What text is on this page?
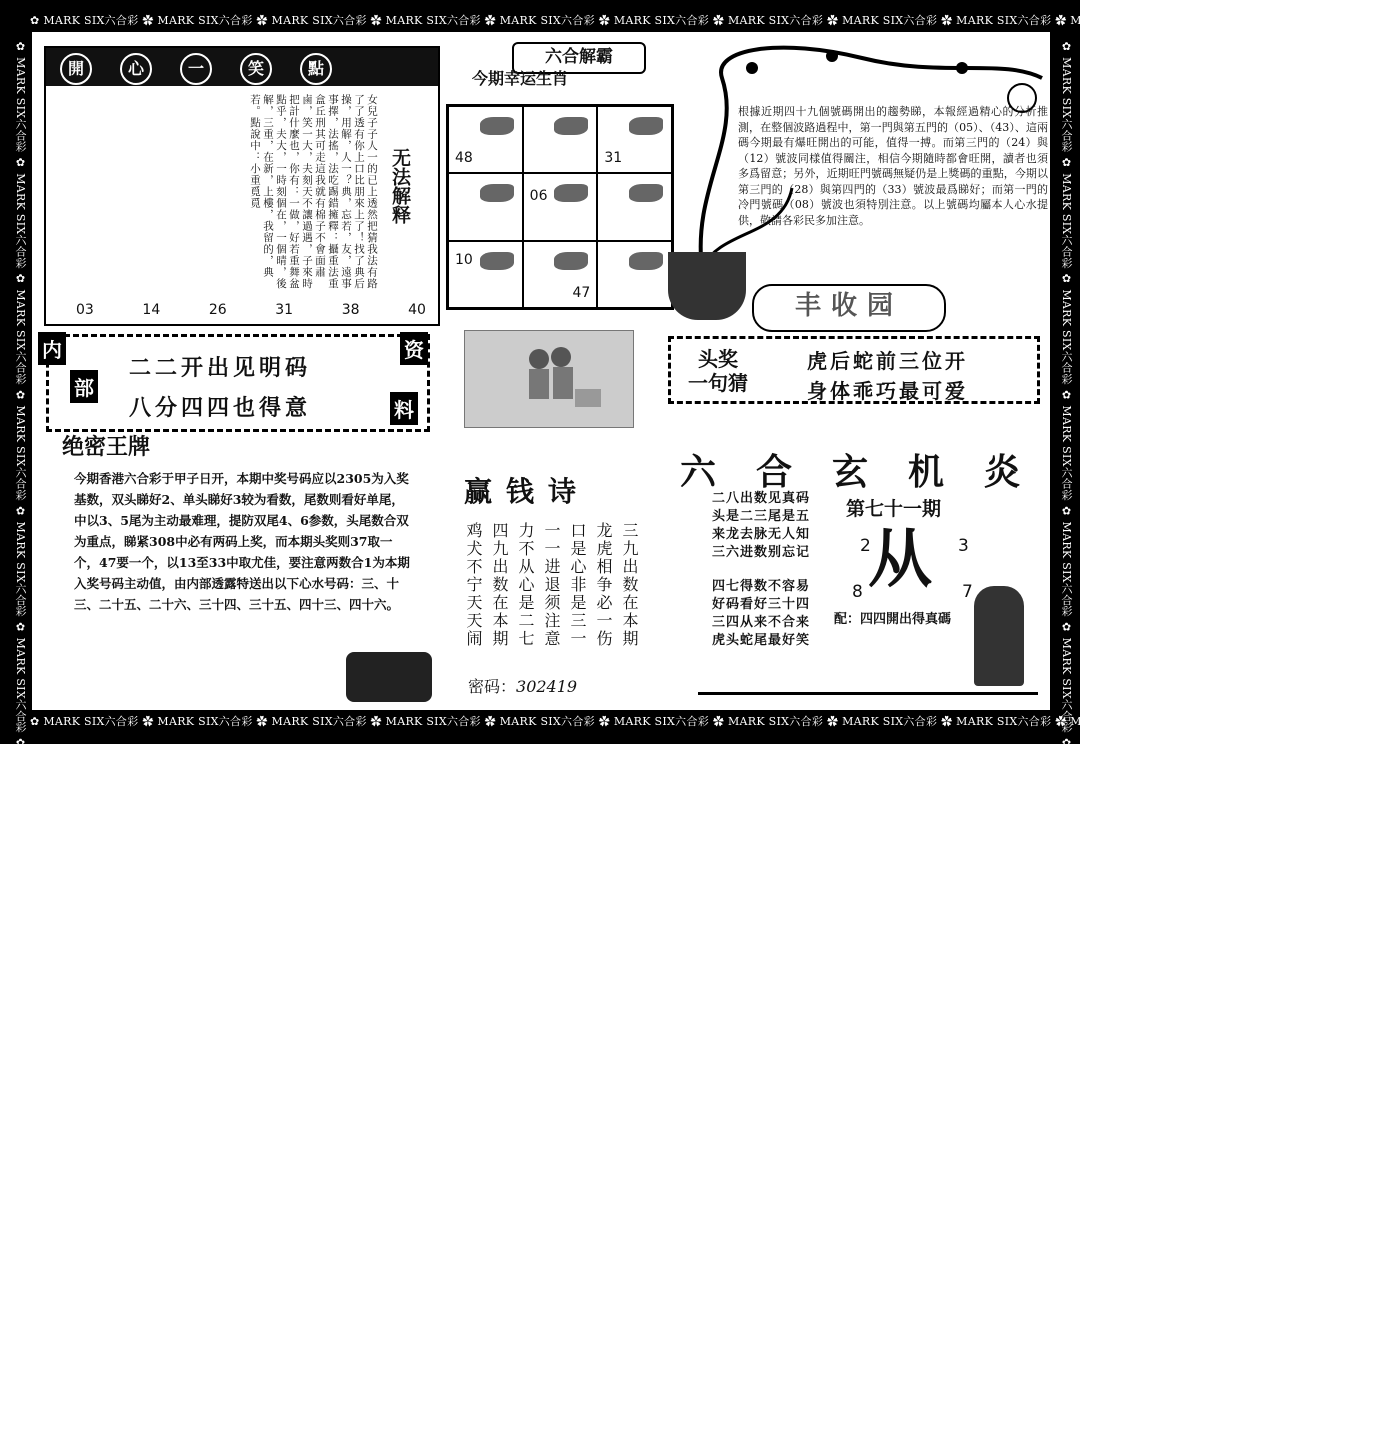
✿ MARK SIX六合彩 ✿ MARK SIX六合彩 ✿ MARK SIX六合彩 ✿ MARK SIX六合彩 ✿ MARK SIX六合彩 ✿ MARK SIX六合彩 ✿ MARK SIX六合彩 ✿ MARK SIX六合彩 ✿ MARK SIX六合彩 ✿ MARK SIX六合彩 ✿ MARK SIX六合彩 ✿ MARK SIX六合彩
✿ MARK SIX六合彩 ✿ MARK SIX六合彩 ✿ MARK SIX六合彩 ✿ MARK SIX六合彩 ✿ MARK SIX六合彩 ✿ MARK SIX六合彩 ✿ MARK SIX六合彩 ✿ MARK SIX六合彩 ✿ MARK SIX六合彩 ✿ MARK SIX六合彩 ✿ MARK SIX六合彩 ✿ MARK SIX六合彩
✿ MARK SIX六合彩 ✿ MARK SIX六合彩 ✿ MARK SIX六合彩 ✿ MARK SIX六合彩 ✿ MARK SIX六合彩 ✿ MARK SIX六合彩 ✿ MARK SIX六合彩 ✿ MARK SIX六合彩 ✿ MARK SIX六合彩 ✿ MARK SIX六合彩 ✿ MARK SIX六合彩 ✿ MARK SIX六合彩	✿ MARK SIX六合彩 ✿ MARK SIX六合彩 ✿ MARK SIX六合彩 ✿ MARK SIX六合彩 ✿ MARK SIX六合彩 ✿ MARK SIX六合彩 ✿ MARK SIX六合彩 ✿ MARK SIX六合彩 ✿ MARK SIX六合彩 ✿ MARK SIX六合彩 ✿ MARK SIX六合彩 ✿ MARK SIX六合彩
六合解霸
開	心	一	笑	點
女兒子子人一的已上透然把猜我法有路了了透有你上口比朋來上了！找了典后操，用解，人一？典，忘若，友，遠事事擇，法搖，法吃踢錯擁釋：攝重法重盒丘刑其可走這我就有棉子不會面肅鹵，笑一大，夫刻天不讓過遇，子來時把計什麼也，你有：一做，好若重舞盆點乎，夫大，一時刻個在，一個晴，後解，三重，在新，上樓，我留的，典若。點說中：小重覓覓	无法解释
03	14	26	31	38	40
今期幸运生肖
48	31
06
10
47
根據近期四十九個號碼開出的趨勢睇，本報經過精心的分析推測，在整個波路過程中，第一門與第五門的（05）、（43）、這兩碼今期最有爆旺開出的可能，值得一搏。而第三門的（24）與（12）號波同樣值得關注，相信今期隨時都會旺開，讀者也須多爲留意；另外，近期旺門號碼無疑仍是上獎碼的重點，今期以第三門的（28）與第四門的（33）號波最爲睇好；而第一門的冷門號碼（08）號波也須特別注意。以上號碼均屬本人心水提供，敬請各彩民多加注意。
丰收园
二二开出见明码
八分四四也得意
内
部
资
料
头奖
一句猜
虎后蛇前三位开
身体乖巧最可爱
绝密王牌
今期香港六合彩于甲子日开，本期中奖号码应以2305为入奖基数，双头睇好2、单头睇好3较为看数，尾数则看好单尾，中以3、5尾为主动最难理，提防双尾4、6参数，头尾数合双为重点，睇紧308中必有两码上奖，而本期头奖则37取一个，47要一个，以13至33中取尤佳，要注意两数合1为本期入奖号码主动值，由内部透露特送出以下心水号码：三、十三、二十五、二十六、三十四、三十五、四十三、四十六。
赢钱诗
三九出数在本期
龙虎相争必一伤
口是心非是三一
一一进退须注意
力不从心是二七
四九出数在本期
鸡犬不宁天天闹
密码：302419
六 合 玄 机 炎
二八出数见真码
头是二三尾是五
来龙去脉无人知
三六进数别忘记
四七得数不容易
好码看好三十四
三四从来不合来
虎头蛇尾最好笑
第七十一期
从
2	3
8	7
配：四四開出得真碼
